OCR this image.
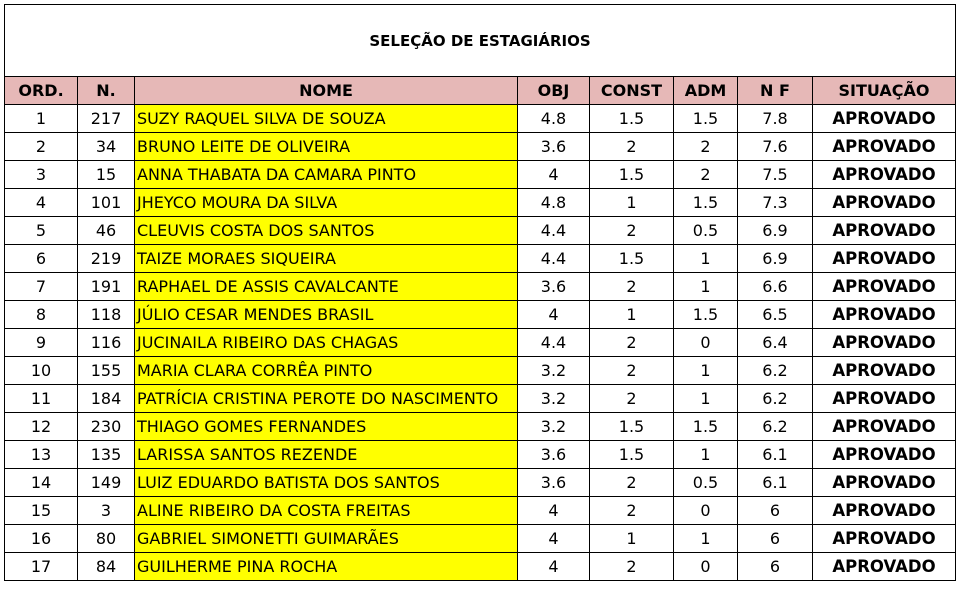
SELEÇÃO DE ESTAGIÁRIOS							
ORD.	N.	NOME	OBJ	CONST	ADM	N F	SITUAÇÃO
1	217	SUZY RAQUEL SILVA DE SOUZA	4.8	1.5	1.5	7.8	APROVADO
2	34	BRUNO LEITE DE OLIVEIRA	3.6	2	2	7.6	APROVADO
3	15	ANNA THABATA DA CAMARA PINTO	4	1.5	2	7.5	APROVADO
4	101	JHEYCO MOURA DA SILVA	4.8	1	1.5	7.3	APROVADO
5	46	CLEUVIS COSTA DOS SANTOS	4.4	2	0.5	6.9	APROVADO
6	219	TAIZE MORAES SIQUEIRA	4.4	1.5	1	6.9	APROVADO
7	191	RAPHAEL DE ASSIS CAVALCANTE	3.6	2	1	6.6	APROVADO
8	118	JÚLIO CESAR MENDES BRASIL	4	1	1.5	6.5	APROVADO
9	116	JUCINAILA RIBEIRO DAS CHAGAS	4.4	2	0	6.4	APROVADO
10	155	MARIA CLARA CORRÊA PINTO	3.2	2	1	6.2	APROVADO
11	184	PATRÍCIA CRISTINA PEROTE DO NASCIMENTO	3.2	2	1	6.2	APROVADO
12	230	THIAGO GOMES FERNANDES	3.2	1.5	1.5	6.2	APROVADO
13	135	LARISSA SANTOS REZENDE	3.6	1.5	1	6.1	APROVADO
14	149	LUIZ EDUARDO BATISTA DOS SANTOS	3.6	2	0.5	6.1	APROVADO
15	3	ALINE RIBEIRO DA COSTA FREITAS	4	2	0	6	APROVADO
16	80	GABRIEL SIMONETTI GUIMARÃES	4	1	1	6	APROVADO
17	84	GUILHERME PINA ROCHA	4	2	0	6	APROVADO
